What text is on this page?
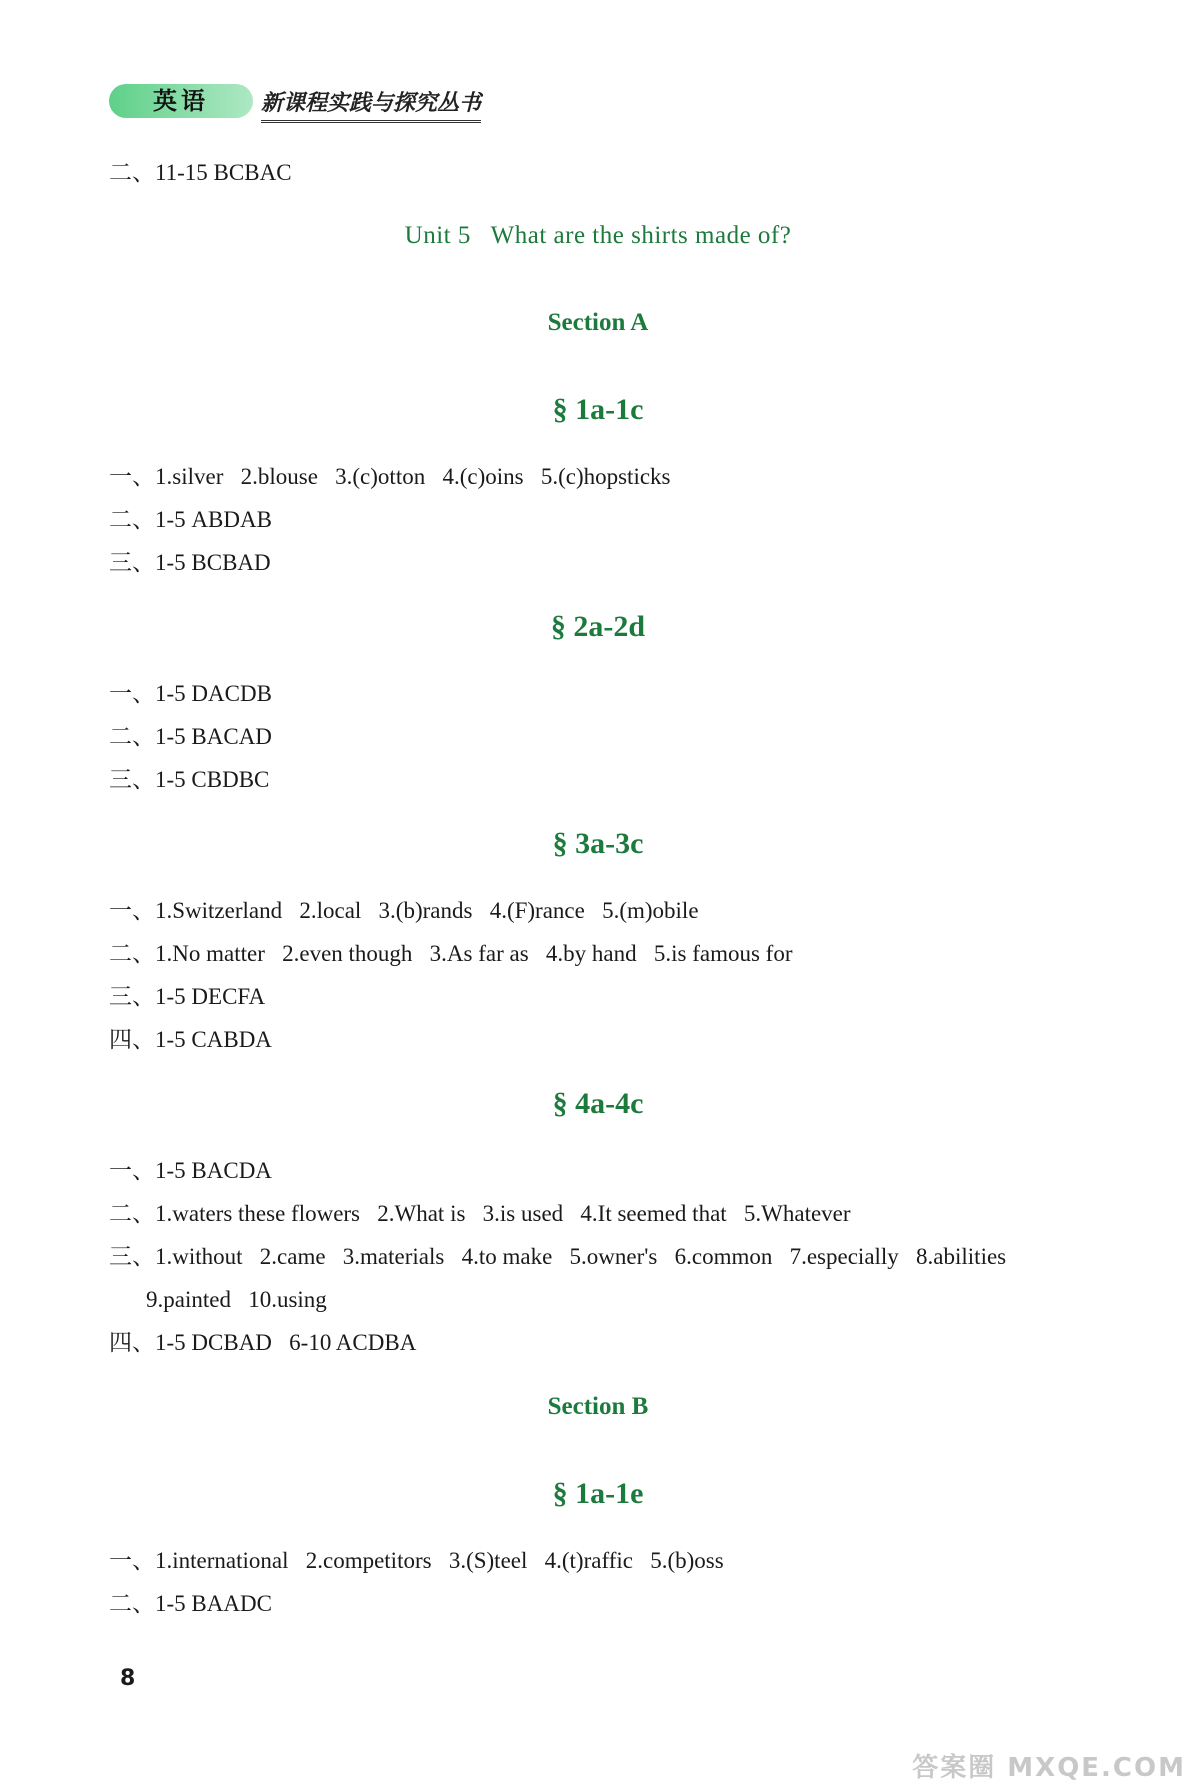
英语	新课程实践与探究丛书
二、11-15 BCBAC
Unit 5   What are the shirts made of?
Section A
§ 1a-1c
一、1.silver   2.blouse   3.(c)otton   4.(c)oins   5.(c)hopsticks
二、1-5 ABDAB
三、1-5 BCBAD
§ 2a-2d
一、1-5 DACDB
二、1-5 BACAD
三、1-5 CBDBC
§ 3a-3c
一、1.Switzerland   2.local   3.(b)rands   4.(F)rance   5.(m)obile
二、1.No matter   2.even though   3.As far as   4.by hand   5.is famous for
三、1-5 DECFA
四、1-5 CABDA
§ 4a-4c
一、1-5 BACDA
二、1.waters these flowers   2.What is   3.is used   4.It seemed that   5.Whatever
三、1.without   2.came   3.materials   4.to make   5.owner's   6.common   7.especially   8.abilities
9.painted   10.using
四、1-5 DCBAD   6-10 ACDBA
Section B
§ 1a-1e
一、1.international   2.competitors   3.(S)teel   4.(t)raffic   5.(b)oss
二、1-5 BAADC
8
答案圈 MXQE.COM
